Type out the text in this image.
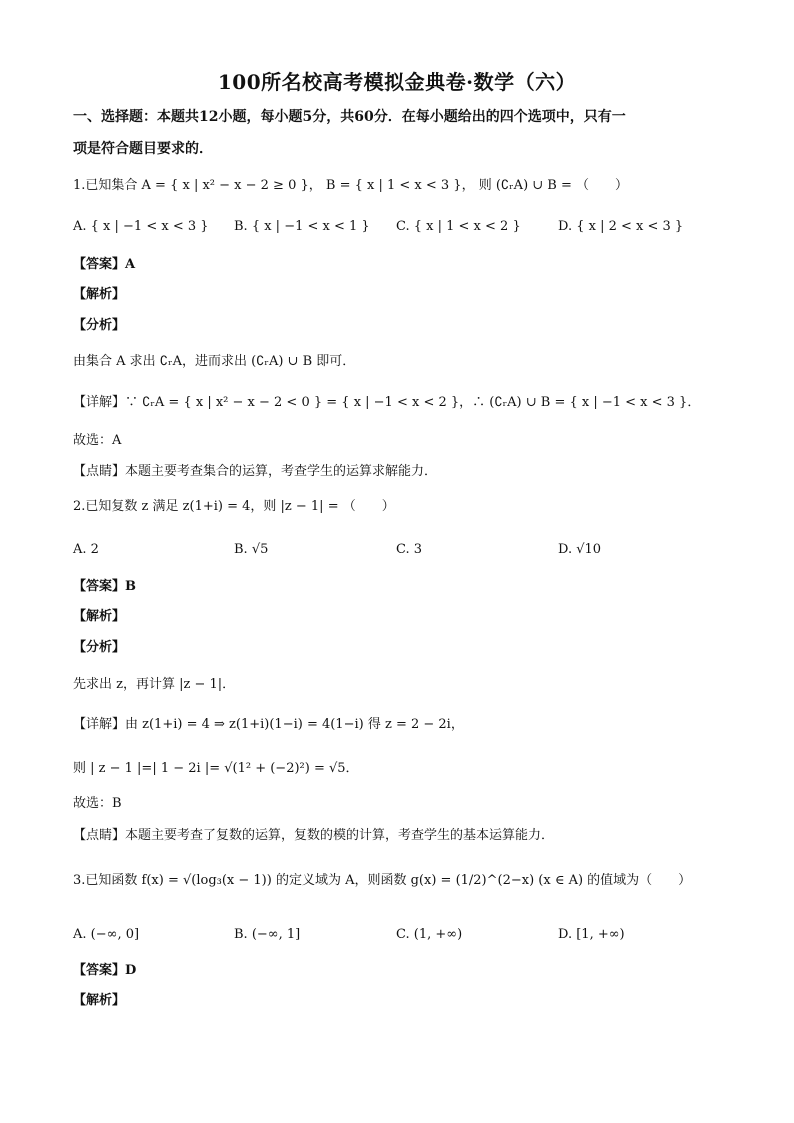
100所名校高考模拟金典卷·数学（六）
一、选择题：本题共12小题，每小题5分，共60分．在每小题给出的四个选项中，只有一
项是符合题目要求的．
1.已知集合 A = { x | x² − x − 2 ≥ 0 }， B = { x | 1 < x < 3 }， 则 (∁ᵣA) ∪ B = （　　）
A. { x | −1 < x < 3 } B. { x | −1 < x < 1 } C. { x | 1 < x < 2 }	D. { x | 2 < x < 3 }
【答案】A
【解析】
【分析】
由集合 A 求出 ∁ᵣA，进而求出 (∁ᵣA) ∪ B 即可．
【详解】∵ ∁ᵣA = { x | x² − x − 2 < 0 } = { x | −1 < x < 2 }，∴ (∁ᵣA) ∪ B = { x | −1 < x < 3 }．
故选：A
【点睛】本题主要考查集合的运算，考查学生的运算求解能力．
2.已知复数 z 满足 z(1+i) = 4，则 |z − 1| = （　　）
A. 2	B. √5	C. 3	D. √10
【答案】B
【解析】
【分析】
先求出 z，再计算 |z − 1|．
【详解】由 z(1+i) = 4 ⇒ z(1+i)(1−i) = 4(1−i) 得 z = 2 − 2i，
则 | z − 1 |=| 1 − 2i |= √(1² + (−2)²) = √5．
故选：B
【点睛】本题主要考查了复数的运算，复数的模的计算，考查学生的基本运算能力．
3.已知函数 f(x) = √(log₃(x − 1)) 的定义域为 A，则函数 g(x) = (1/2)^(2−x) (x ∈ A) 的值域为（　　）
A. (−∞, 0]	B. (−∞, 1]	C. (1, +∞)	D. [1, +∞)
【答案】D
【解析】
